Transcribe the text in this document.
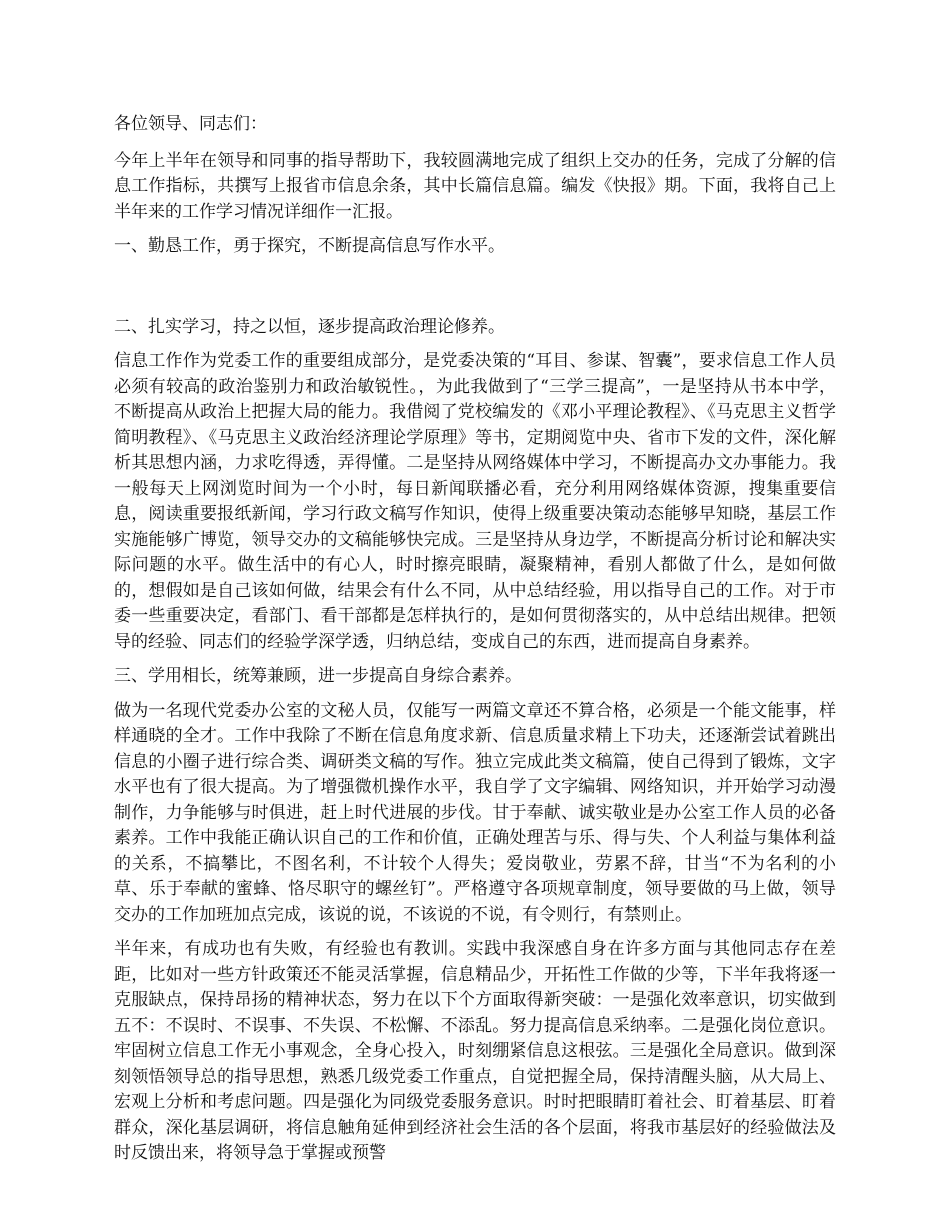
各位领导、同志们：

今年上半年在领导和同事的指导帮助下，我较圆满地完成了组织上交办的任务，完成了分解的信息工作指标，共撰写上报省市信息余条，其中长篇信息篇。编发《快报》期。下面，我将自己上半年来的工作学习情况详细作一汇报。

一、勤恳工作，勇于探究，不断提高信息写作水平。

二、扎实学习，持之以恒，逐步提高政治理论修养。

信息工作作为党委工作的重要组成部分，是党委决策的“耳目、参谋、智囊”，要求信息工作人员必须有较高的政治鉴别力和政治敏锐性。，为此我做到了“三学三提高”，一是坚持从书本中学，不断提高从政治上把握大局的能力。我借阅了党校编发的《邓小平理论教程》、《马克思主义哲学简明教程》、《马克思主义政治经济理论学原理》等书，定期阅览中央、省市下发的文件，深化解析其思想内涵，力求吃得透，弄得懂。二是坚持从网络媒体中学习，不断提高办文办事能力。我一般每天上网浏览时间为一个小时，每日新闻联播必看，充分利用网络媒体资源，搜集重要信息，阅读重要报纸新闻，学习行政文稿写作知识，使得上级重要决策动态能够早知晓，基层工作实施能够广博览，领导交办的文稿能够快完成。三是坚持从身边学，不断提高分析讨论和解决实际问题的水平。做生活中的有心人，时时擦亮眼睛，凝聚精神，看别人都做了什么，是如何做的，想假如是自己该如何做，结果会有什么不同，从中总结经验，用以指导自己的工作。对于市委一些重要决定，看部门、看干部都是怎样执行的，是如何贯彻落实的，从中总结出规律。把领导的经验、同志们的经验学深学透，归纳总结，变成自己的东西，进而提高自身素养。

三、学用相长，统筹兼顾，进一步提高自身综合素养。

做为一名现代党委办公室的文秘人员，仅能写一两篇文章还不算合格，必须是一个能文能事，样样通晓的全才。工作中我除了不断在信息角度求新、信息质量求精上下功夫，还逐渐尝试着跳出信息的小圈子进行综合类、调研类文稿的写作。独立完成此类文稿篇，使自己得到了锻炼，文字水平也有了很大提高。为了增强微机操作水平，我自学了文字编辑、网络知识，并开始学习动漫制作，力争能够与时俱进，赶上时代进展的步伐。甘于奉献、诚实敬业是办公室工作人员的必备素养。工作中我能正确认识自己的工作和价值，正确处理苦与乐、得与失、个人利益与集体利益的关系，不搞攀比，不图名利，不计较个人得失；爱岗敬业，劳累不辞，甘当“不为名利的小草、乐于奉献的蜜蜂、恪尽职守的螺丝钉”。严格遵守各项规章制度，领导要做的马上做，领导交办的工作加班加点完成，该说的说，不该说的不说，有令则行，有禁则止。

半年来，有成功也有失败，有经验也有教训。实践中我深感自身在许多方面与其他同志存在差距，比如对一些方针政策还不能灵活掌握，信息精品少，开拓性工作做的少等，下半年我将逐一克服缺点，保持昂扬的精神状态，努力在以下个方面取得新突破：一是强化效率意识，切实做到五不：不误时、不误事、不失误、不松懈、不添乱。努力提高信息采纳率。二是强化岗位意识。牢固树立信息工作无小事观念，全身心投入，时刻绷紧信息这根弦。三是强化全局意识。做到深刻领悟领导总的指导思想，熟悉几级党委工作重点，自觉把握全局，保持清醒头脑，从大局上、宏观上分析和考虑问题。四是强化为同级党委服务意识。时时把眼睛盯着社会、盯着基层、盯着群众，深化基层调研，将信息触角延伸到经济社会生活的各个层面，将我市基层好的经验做法及时反馈出来，将领导急于掌握或预警
